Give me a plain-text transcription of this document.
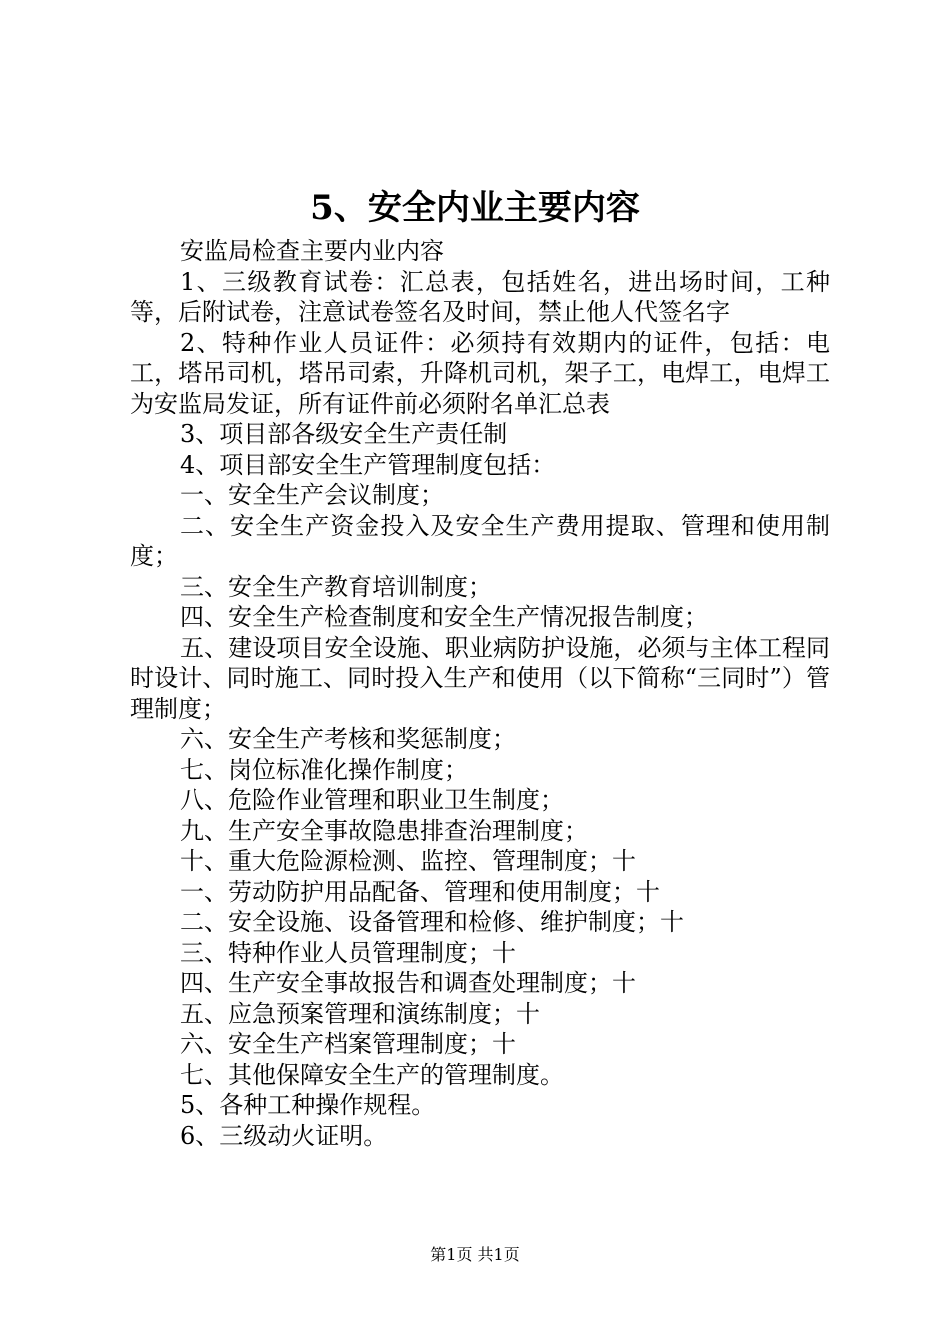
5、安全内业主要内容

安监局检查主要内业内容

1、三级教育试卷：汇总表，包括姓名，进出场时间，工种等，后附试卷，注意试卷签名及时间，禁止他人代签名字

2、特种作业人员证件：必须持有效期内的证件，包括：电工，塔吊司机，塔吊司索，升降机司机，架子工，电焊工，电焊工为安监局发证，所有证件前必须附名单汇总表

3、项目部各级安全生产责任制

4、项目部安全生产管理制度包括：

一、安全生产会议制度；

二、安全生产资金投入及安全生产费用提取、管理和使用制度；

三、安全生产教育培训制度；

四、安全生产检查制度和安全生产情况报告制度；

五、建设项目安全设施、职业病防护设施，必须与主体工程同时设计、同时施工、同时投入生产和使用（以下简称“三同时”）管理制度；

六、安全生产考核和奖惩制度；

七、岗位标准化操作制度；

八、危险作业管理和职业卫生制度；

九、生产安全事故隐患排查治理制度；

十、重大危险源检测、监控、管理制度；十

一、劳动防护用品配备、管理和使用制度；十

二、安全设施、设备管理和检修、维护制度；十

三、特种作业人员管理制度；十

四、生产安全事故报告和调查处理制度；十

五、应急预案管理和演练制度；十

六、安全生产档案管理制度；十

七、其他保障安全生产的管理制度。

5、各种工种操作规程。

6、三级动火证明。

第1页 共1页
